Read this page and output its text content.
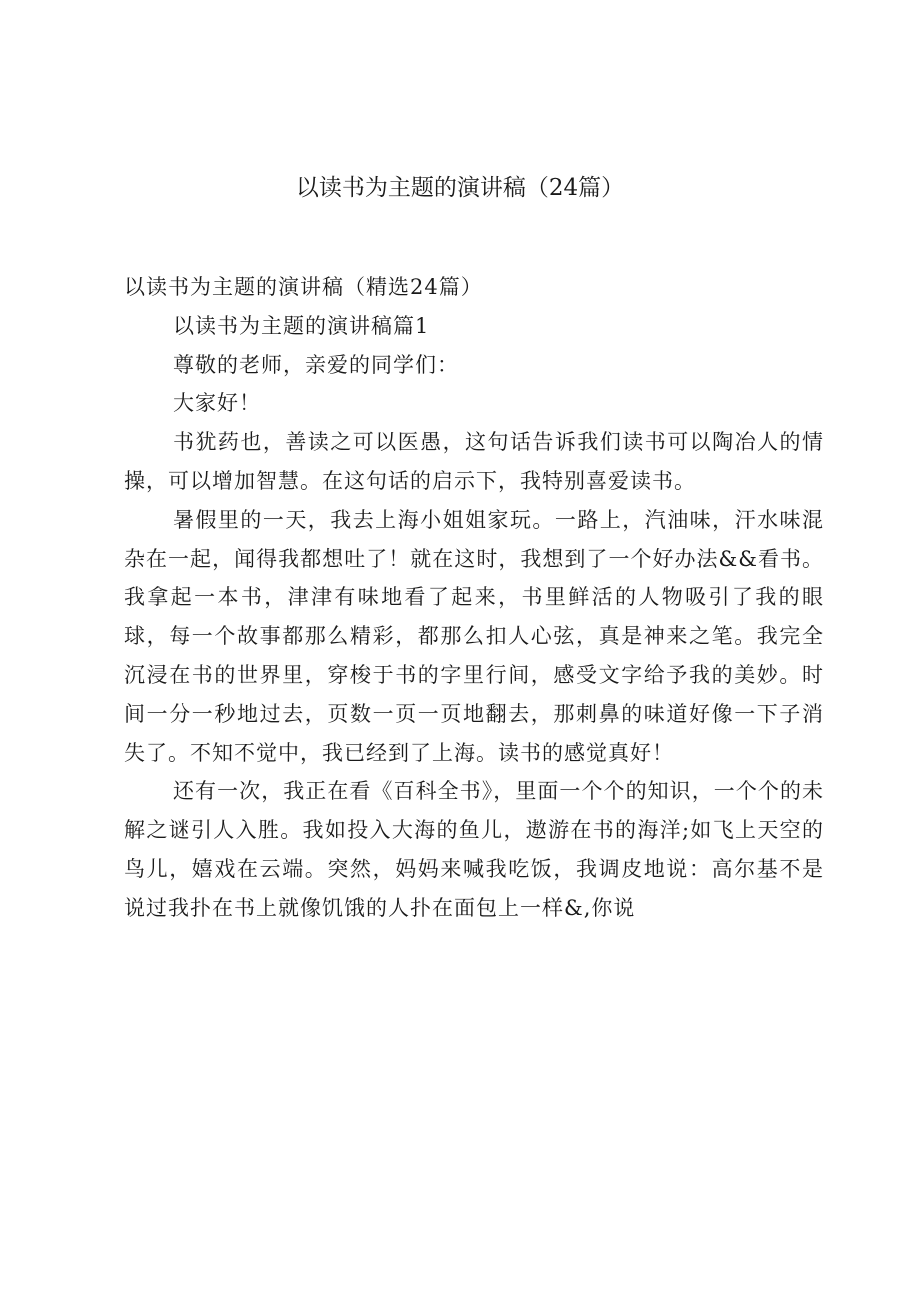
以读书为主题的演讲稿（24篇）

以读书为主题的演讲稿（精选24篇）

以读书为主题的演讲稿篇1

尊敬的老师，亲爱的同学们：

大家好！

书犹药也，善读之可以医愚，这句话告诉我们读书可以陶冶人的情操，可以增加智慧。在这句话的启示下，我特别喜爱读书。

暑假里的一天，我去上海小姐姐家玩。一路上，汽油味，汗水味混杂在一起，闻得我都想吐了！就在这时，我想到了一个好办法&&看书。我拿起一本书，津津有味地看了起来，书里鲜活的人物吸引了我的眼球，每一个故事都那么精彩，都那么扣人心弦，真是神来之笔。我完全沉浸在书的世界里，穿梭于书的字里行间，感受文字给予我的美妙。时间一分一秒地过去，页数一页一页地翻去，那刺鼻的味道好像一下子消失了。不知不觉中，我已经到了上海。读书的感觉真好！

还有一次，我正在看《百科全书》，里面一个个的知识，一个个的未解之谜引人入胜。我如投入大海的鱼儿，遨游在书的海洋;如飞上天空的鸟儿，嬉戏在云端。突然，妈妈来喊我吃饭，我调皮地说：高尔基不是说过我扑在书上就像饥饿的人扑在面包上一样&,你说
